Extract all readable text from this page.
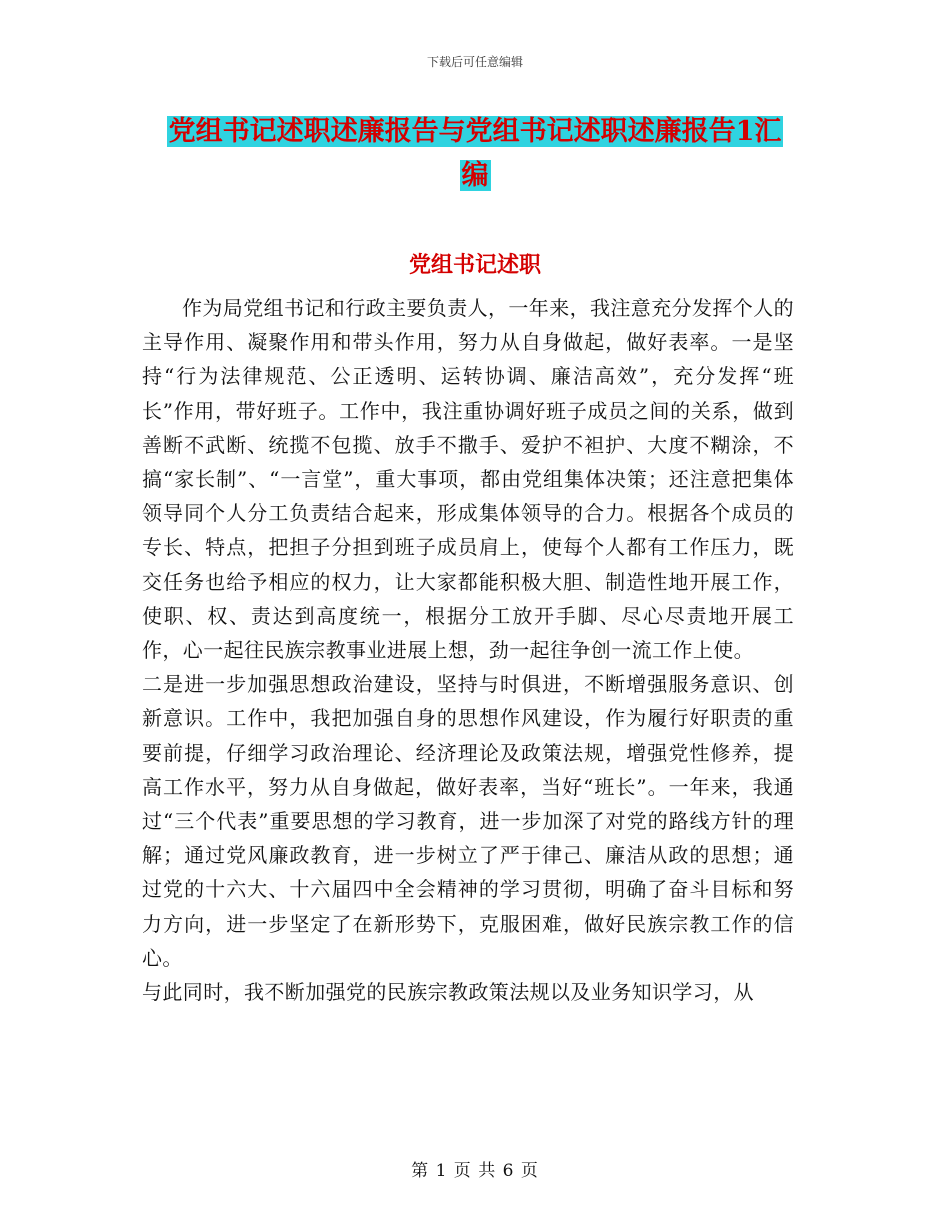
下载后可任意编辑
党组书记述职述廉报告与党组书记述职述廉报告1汇
编
党组书记述职

作为局党组书记和行政主要负责人，一年来，我注意充分发挥个人的主导作用、凝聚作用和带头作用，努力从自身做起，做好表率。一是坚持“行为法律规范、公正透明、运转协调、廉洁高效”，充分发挥“班长”作用，带好班子。工作中，我注重协调好班子成员之间的关系，做到善断不武断、统揽不包揽、放手不撒手、爱护不袒护、大度不糊涂，不搞“家长制”、“一言堂”，重大事项，都由党组集体决策；还注意把集体领导同个人分工负责结合起来，形成集体领导的合力。根据各个成员的专长、特点，把担子分担到班子成员肩上，使每个人都有工作压力，既交任务也给予相应的权力，让大家都能积极大胆、制造性地开展工作，使职、权、责达到高度统一，根据分工放开手脚、尽心尽责地开展工作，心一起往民族宗教事业进展上想，劲一起往争创一流工作上使。

二是进一步加强思想政治建设，坚持与时俱进，不断增强服务意识、创新意识。工作中，我把加强自身的思想作风建设，作为履行好职责的重要前提，仔细学习政治理论、经济理论及政策法规，增强党性修养，提高工作水平，努力从自身做起，做好表率，当好“班长”。一年来，我通过“三个代表”重要思想的学习教育，进一步加深了对党的路线方针的理解；通过党风廉政教育，进一步树立了严于律己、廉洁从政的思想；通过党的十六大、十六届四中全会精神的学习贯彻，明确了奋斗目标和努力方向，进一步坚定了在新形势下，克服困难，做好民族宗教工作的信心。

与此同时，我不断加强党的民族宗教政策法规以及业务知识学习，从

第 1 页 共 6 页
